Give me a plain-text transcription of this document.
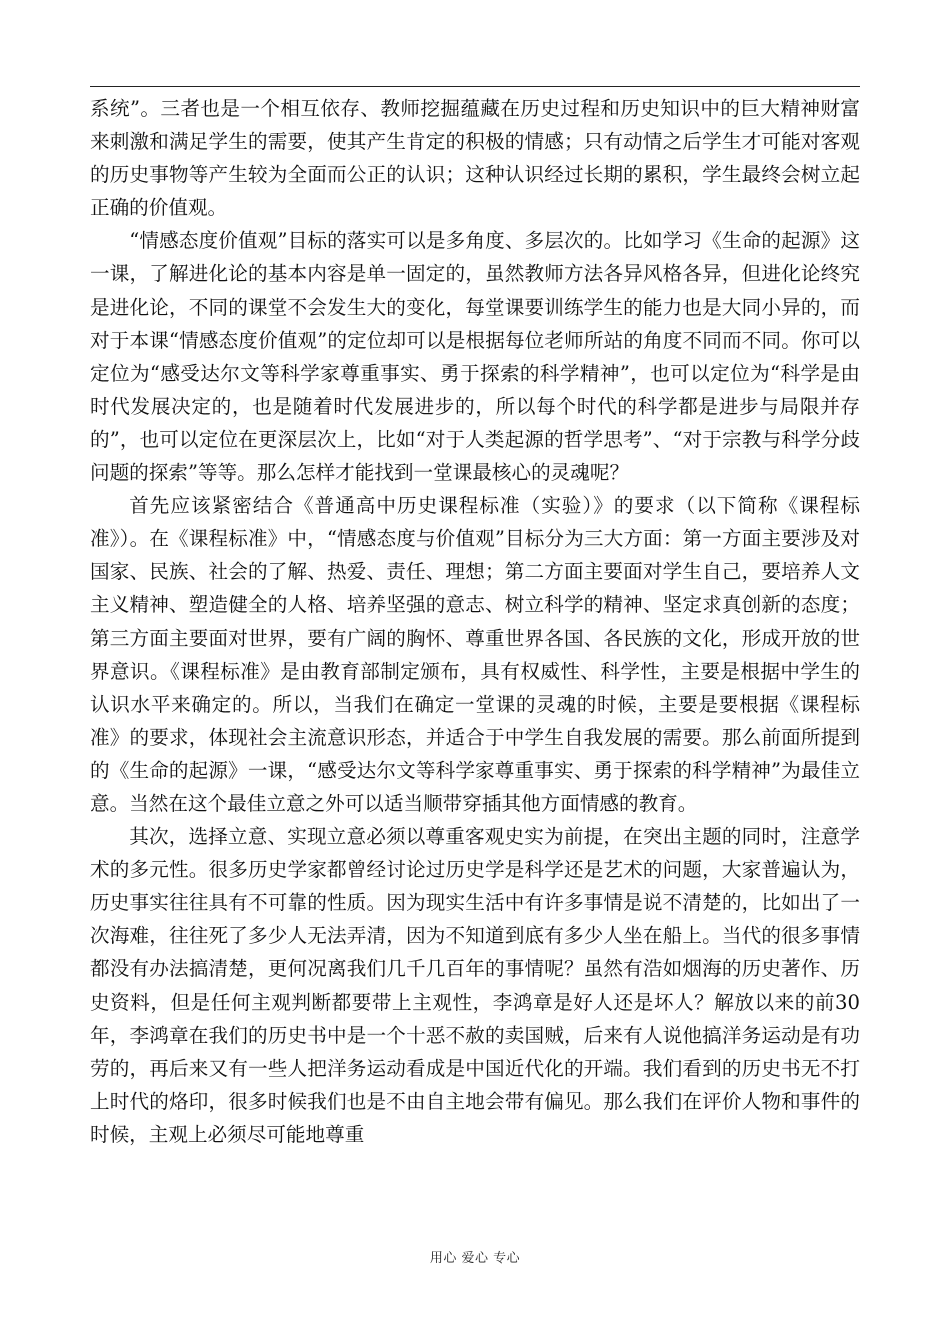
系统”。三者也是一个相互依存、教师挖掘蕴藏在历史过程和历史知识中的巨大精神财富来刺激和满足学生的需要，使其产生肯定的积极的情感；只有动情之后学生才可能对客观的历史事物等产生较为全面而公正的认识；这种认识经过长期的累积，学生最终会树立起正确的价值观。

“情感态度价值观”目标的落实可以是多角度、多层次的。比如学习《生命的起源》这一课，了解进化论的基本内容是单一固定的，虽然教师方法各异风格各异，但进化论终究是进化论，不同的课堂不会发生大的变化，每堂课要训练学生的能力也是大同小异的，而对于本课“情感态度价值观”的定位却可以是根据每位老师所站的角度不同而不同。你可以定位为“感受达尔文等科学家尊重事实、勇于探索的科学精神”，也可以定位为“科学是由时代发展决定的，也是随着时代发展进步的，所以每个时代的科学都是进步与局限并存的”，也可以定位在更深层次上，比如“对于人类起源的哲学思考”、“对于宗教与科学分歧问题的探索”等等。那么怎样才能找到一堂课最核心的灵魂呢？

首先应该紧密结合《普通高中历史课程标准（实验）》的要求（以下简称《课程标准》）。在《课程标准》中，“情感态度与价值观”目标分为三大方面：第一方面主要涉及对国家、民族、社会的了解、热爱、责任、理想；第二方面主要面对学生自己，要培养人文主义精神、塑造健全的人格、培养坚强的意志、树立科学的精神、坚定求真创新的态度；第三方面主要面对世界，要有广阔的胸怀、尊重世界各国、各民族的文化，形成开放的世界意识。《课程标准》是由教育部制定颁布，具有权威性、科学性，主要是根据中学生的认识水平来确定的。所以，当我们在确定一堂课的灵魂的时候，主要是要根据《课程标准》的要求，体现社会主流意识形态，并适合于中学生自我发展的需要。那么前面所提到的《生命的起源》一课，“感受达尔文等科学家尊重事实、勇于探索的科学精神”为最佳立意。当然在这个最佳立意之外可以适当顺带穿插其他方面情感的教育。

其次，选择立意、实现立意必须以尊重客观史实为前提，在突出主题的同时，注意学术的多元性。很多历史学家都曾经讨论过历史学是科学还是艺术的问题，大家普遍认为，历史事实往往具有不可靠的性质。因为现实生活中有许多事情是说不清楚的，比如出了一次海难，往往死了多少人无法弄清，因为不知道到底有多少人坐在船上。当代的很多事情都没有办法搞清楚，更何况离我们几千几百年的事情呢？虽然有浩如烟海的历史著作、历史资料，但是任何主观判断都要带上主观性，李鸿章是好人还是坏人？解放以来的前30年，李鸿章在我们的历史书中是一个十恶不赦的卖国贼，后来有人说他搞洋务运动是有功劳的，再后来又有一些人把洋务运动看成是中国近代化的开端。我们看到的历史书无不打上时代的烙印，很多时候我们也是不由自主地会带有偏见。那么我们在评价人物和事件的时候，主观上必须尽可能地尊重

用心 爱心 专心
